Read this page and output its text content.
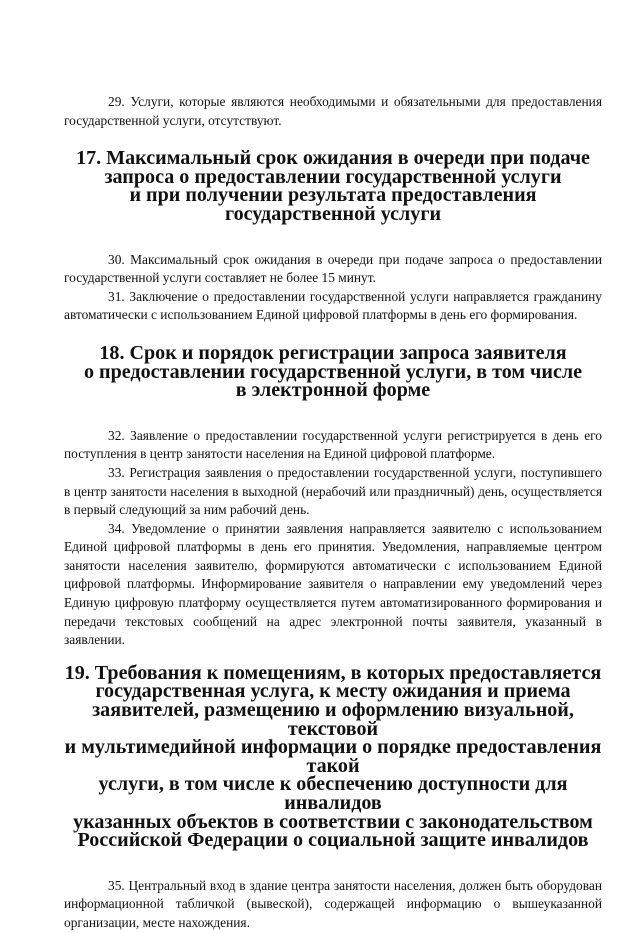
29. Услуги, которые являются необходимыми и обязательными для предоставления государственной услуги, отсутствуют.

17. Максимальный срок ожидания в очереди при подаче
запроса о предоставлении государственной услуги
и при получении результата предоставления
государственной услуги

30. Максимальный срок ожидания в очереди при подаче запроса о предоставлении государственной услуги составляет не более 15 минут.

31. Заключение о предоставлении государственной услуги направляется гражданину автоматически с использованием Единой цифровой платформы в день его формирования.

18. Срок и порядок регистрации запроса заявителя
о предоставлении государственной услуги, в том числе
в электронной форме

32. Заявление о предоставлении государственной услуги регистрируется в день его поступления в центр занятости населения на Единой цифровой платформе.

33. Регистрация заявления о предоставлении государственной услуги, поступившего в центр занятости населения в выходной (нерабочий или праздничный) день, осуществляется в первый следующий за ним рабочий день.

34. Уведомление о принятии заявления направляется заявителю с использованием Единой цифровой платформы в день его принятия. Уведомления, направляемые центром занятости населения заявителю, формируются автоматически с использованием Единой цифровой платформы. Информирование заявителя о направлении ему уведомлений через Единую цифровую платформу осуществляется путем автоматизированного формирования и передачи текстовых сообщений на адрес электронной почты заявителя, указанный в заявлении.

19. Требования к помещениям, в которых предоставляется
государственная услуга, к месту ожидания и приема
заявителей, размещению и оформлению визуальной, текстовой
и мультимедийной информации о порядке предоставления такой
услуги, в том числе к обеспечению доступности для инвалидов
указанных объектов в соответствии с законодательством
Российской Федерации о социальной защите инвалидов

35. Центральный вход в здание центра занятости населения, должен быть оборудован информационной табличкой (вывеской), содержащей информацию о вышеуказанной организации, месте нахождения.
